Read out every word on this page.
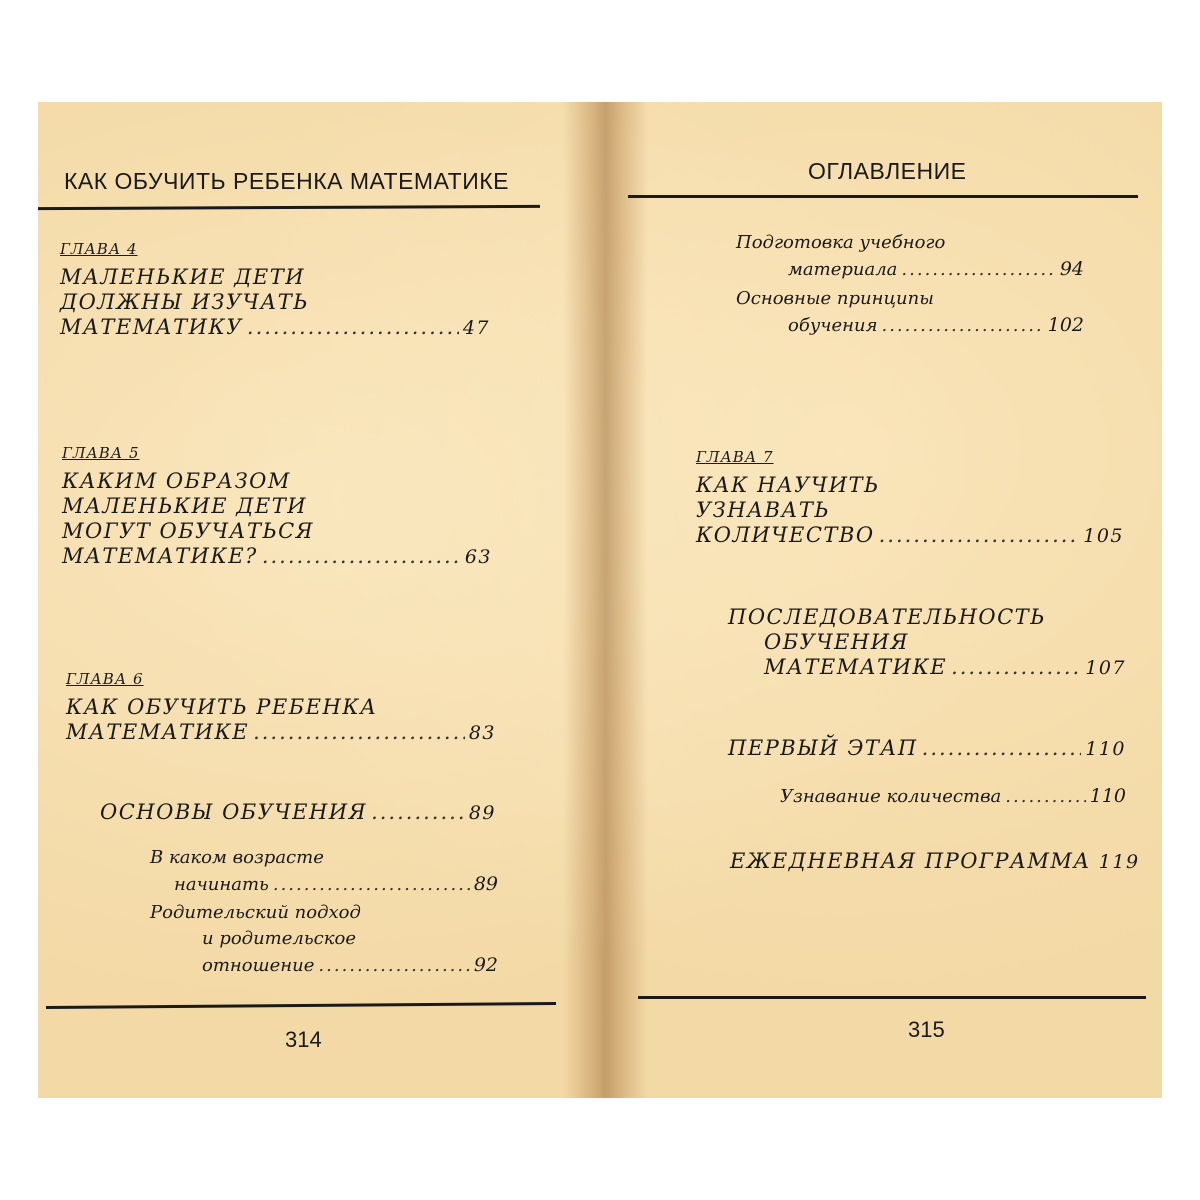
КАК ОБУЧИТЬ РЕБЕНКА МАТЕМАТИКЕ
ГЛАВА 4
МАЛЕНЬКИЕ ДЕТИ
ДОЛЖНЫ ИЗУЧАТЬ
МАТЕМАТИКУ .....	47
ГЛАВА 5
КАКИМ ОБРАЗОМ
МАЛЕНЬКИЕ ДЕТИ
МОГУТ ОБУЧАТЬСЯ
МАТЕМАТИКЕ? .....	63
ГЛАВА 6
КАК ОБУЧИТЬ РЕБЕНКА
МАТЕМАТИКЕ .....	83
ОСНОВЫ ОБУЧЕНИЯ .....	89
В каком возрасте
начинать .....	89
Родительский подход
и родительское
отношение .....	92
314
ОГЛАВЛЕНИЕ
Подготовка учебного
материала .....	94
Основные принципы
обучения .....	102
ГЛАВА 7
КАК НАУЧИТЬ
УЗНАВАТЬ
КОЛИЧЕСТВО .....	105
ПОСЛЕДОВАТЕЛЬНОСТЬ
ОБУЧЕНИЯ
МАТЕМАТИКЕ .....	107
ПЕРВЫЙ ЭТАП .....	110
Узнавание количества .....	110
ЕЖЕДНЕВНАЯ ПРОГРАММА 119
315
